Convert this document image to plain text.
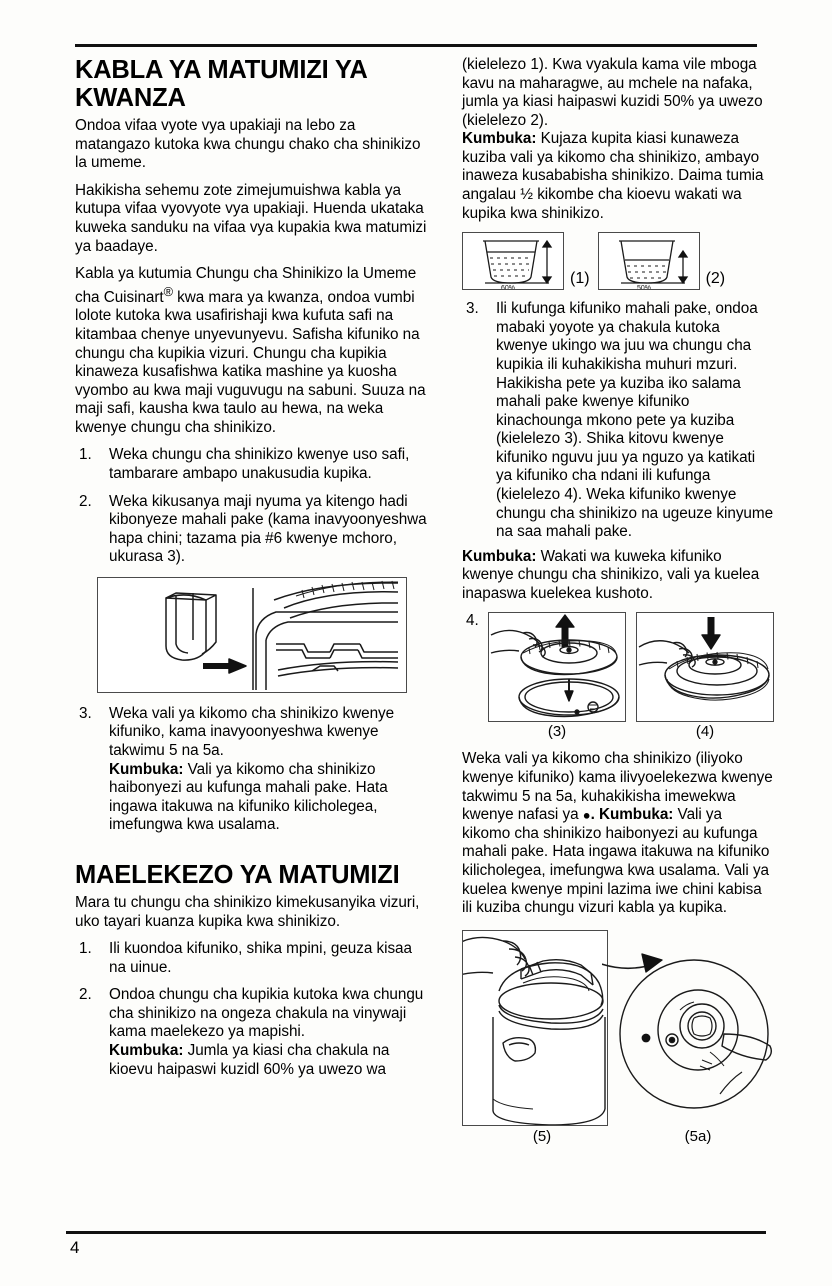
KABLA YA MATUMIZI YA KWANZA

Ondoa vifaa vyote vya upakiaji na lebo za matangazo kutoka kwa chungu chako cha shinikizo la umeme.

Hakikisha sehemu zote zimejumuishwa kabla ya kutupa vifaa vyovyote vya upakiaji. Huenda ukataka kuweka sanduku na vifaa vya kupakia kwa matumizi ya baadaye.

Kabla ya kutumia Chungu cha Shinikizo la Umeme cha Cuisinart® kwa mara ya kwanza, ondoa vumbi lolote kutoka kwa usafirishaji kwa kufuta safi na kitambaa chenye unyevunyevu. Safisha kifuniko na chungu cha kupikia vizuri. Chungu cha kupikia kinaweza kusafishwa katika mashine ya kuosha vyombo au kwa maji vuguvugu na sabuni. Suuza na maji safi, kausha kwa taulo au hewa, na weka kwenye chungu cha shinikizo.

1.	Weka chungu cha shinikizo kwenye uso safi, tambarare ambapo unakusudia kupika.
2.	Weka kikusanya maji nyuma ya kitengo hadi kibonyeze mahali pake (kama inavyoonyeshwa hapa chini; tazama pia #6 kwenye mchoro, ukurasa 3).
3.	Weka vali ya kikomo cha shinikizo kwenye kifuniko, kama inavyoonyeshwa kwenye takwimu 5 na 5a.
Kumbuka: Vali ya kikomo cha shinikizo haibonyezi au kufunga mahali pake. Hata ingawa itakuwa na kifuniko kilicholegea, imefungwa kwa usalama.
MAELEKEZO YA MATUMIZI

Mara tu chungu cha shinikizo kimekusanyika vizuri, uko tayari kuanza kupika kwa shinikizo.

1.	Ili kuondoa kifuniko, shika mpini, geuza kisaa na uinue.
2.	Ondoa chungu cha kupikia kutoka kwa chungu cha shinikizo na ongeza chakula na vinywaji kama maelekezo ya mapishi.
Kumbuka: Jumla ya kiasi cha chakula na kioevu haipaswi kuzidl 60% ya uwezo wa

(kielelezo 1). Kwa vyakula kama vile mboga kavu na maharagwe, au mchele na nafaka, jumla ya kiasi haipaswi kuzidi 50% ya uwezo (kielelezo 2).

Kumbuka: Kujaza kupita kiasi kunaweza kuziba vali ya kikomo cha shinikizo, ambayo inaweza kusababisha shinikizo. Daima tumia angalau ½ kikombe cha kioevu wakati wa kupika kwa shinikizo.

60%
(1)
50%
(2)
3.	Ili kufunga kifuniko mahali pake, ondoa mabaki yoyote ya chakula kutoka kwenye ukingo wa juu wa chungu cha kupikia ili kuhakikisha muhuri mzuri. Hakikisha pete ya kuziba iko salama mahali pake kwenye kifuniko kinachounga mkono pete ya kuziba (kielelezo 3). Shika kitovu kwenye kifuniko nguvu juu ya nguzo ya katikati ya kifuniko cha ndani ili kufunga (kielelezo 4). Weka kifuniko kwenye chungu cha shinikizo na ugeuze kinyume na saa mahali pake.

Kumbuka: Wakati wa kuweka kifuniko kwenye chungu cha shinikizo, vali ya kuelea inapaswa kuelekea kushoto.

4.
(3)	(4)

Weka vali ya kikomo cha shinikizo (iliyoko kwenye kifuniko) kama ilivyoelekezwa kwenye takwimu 5 na 5a, kuhakikisha imewekwa kwenye nafasi ya ●. Kumbuka: Vali ya kikomo cha shinikizo haibonyezi au kufunga mahali pake. Hata ingawa itakuwa na kifuniko kilicholegea, imefungwa kwa usalama. Vali ya kuelea kwenye mpini lazima iwe chini kabisa ili kuziba chungu vizuri kabla ya kupika.

(5)	(5a)
4
